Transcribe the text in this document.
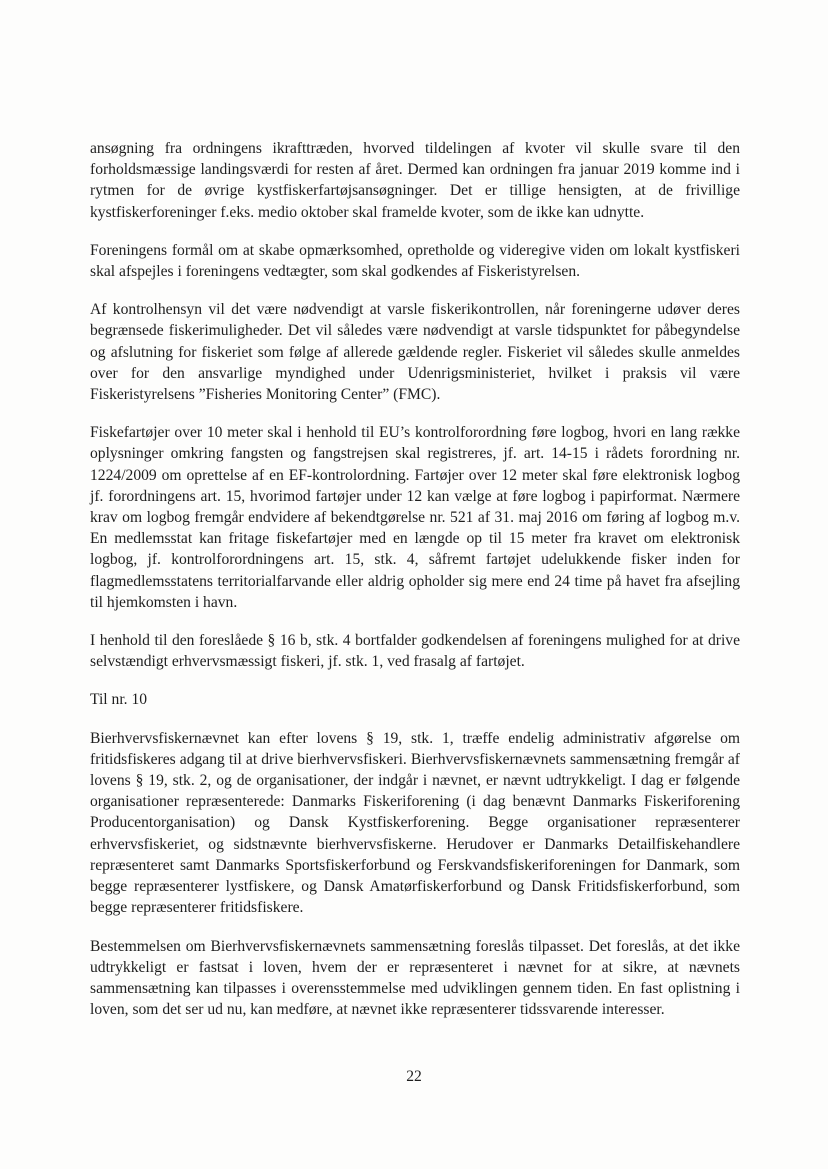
ansøgning fra ordningens ikrafttræden, hvorved tildelingen af kvoter vil skulle svare til den forholdsmæssige landingsværdi for resten af året. Dermed kan ordningen fra januar 2019 komme ind i rytmen for de øvrige kystfiskerfartøjsansøgninger. Det er tillige hensigten, at de frivillige kystfiskerforeninger f.eks. medio oktober skal framelde kvoter, som de ikke kan udnytte.

Foreningens formål om at skabe opmærksomhed, opretholde og videregive viden om lokalt kystfiskeri skal afspejles i foreningens vedtægter, som skal godkendes af Fiskeristyrelsen.

Af kontrolhensyn vil det være nødvendigt at varsle fiskerikontrollen, når foreningerne udøver deres begrænsede fiskerimuligheder. Det vil således være nødvendigt at varsle tidspunktet for påbegyndelse og afslutning for fiskeriet som følge af allerede gældende regler. Fiskeriet vil således skulle anmeldes over for den ansvarlige myndighed under Udenrigsministeriet, hvilket i praksis vil være Fiskeristyrelsens ”Fisheries Monitoring Center” (FMC).

Fiskefartøjer over 10 meter skal i henhold til EU’s kontrolforordning føre logbog, hvori en lang række oplysninger omkring fangsten og fangstrejsen skal registreres, jf. art. 14-15 i rådets forordning nr. 1224/2009 om oprettelse af en EF-kontrolordning. Fartøjer over 12 meter skal føre elektronisk logbog jf. forordningens art. 15, hvorimod fartøjer under 12 kan vælge at føre logbog i papirformat. Nærmere krav om logbog fremgår endvidere af bekendtgørelse nr. 521 af 31. maj 2016 om føring af logbog m.v. En medlemsstat kan fritage fiskefartøjer med en længde op til 15 meter fra kravet om elektronisk logbog, jf. kontrolforordningens art. 15, stk. 4, såfremt fartøjet udelukkende fisker inden for flagmedlemsstatens territorialfarvande eller aldrig opholder sig mere end 24 time på havet fra afsejling til hjemkomsten i havn.

I henhold til den foreslåede § 16 b, stk. 4 bortfalder godkendelsen af foreningens mulighed for at drive selvstændigt erhvervsmæssigt fiskeri, jf. stk. 1, ved frasalg af fartøjet.

Til nr. 10

Bierhvervsfiskernævnet kan efter lovens § 19, stk. 1, træffe endelig administrativ afgørelse om fritidsfiskeres adgang til at drive bierhvervsfiskeri. Bierhvervsfiskernævnets sammensætning fremgår af lovens § 19, stk. 2, og de organisationer, der indgår i nævnet, er nævnt udtrykkeligt. I dag er følgende organisationer repræsenterede: Danmarks Fiskeriforening (i dag benævnt Danmarks Fiskeriforening Producentorganisation) og Dansk Kystfiskerforening. Begge organisationer repræsenterer erhvervsfiskeriet, og sidstnævnte bierhvervsfiskerne. Herudover er Danmarks Detailfiskehandlere repræsenteret samt Danmarks Sportsfiskerforbund og Ferskvandsfiskeriforeningen for Danmark, som begge repræsenterer lystfiskere, og Dansk Amatørfiskerforbund og Dansk Fritidsfiskerforbund, som begge repræsenterer fritidsfiskere.

Bestemmelsen om Bierhvervsfiskernævnets sammensætning foreslås tilpasset. Det foreslås, at det ikke udtrykkeligt er fastsat i loven, hvem der er repræsenteret i nævnet for at sikre, at nævnets sammensætning kan tilpasses i overensstemmelse med udviklingen gennem tiden. En fast oplistning i loven, som det ser ud nu, kan medføre, at nævnet ikke repræsenterer tidssvarende interesser.

22
